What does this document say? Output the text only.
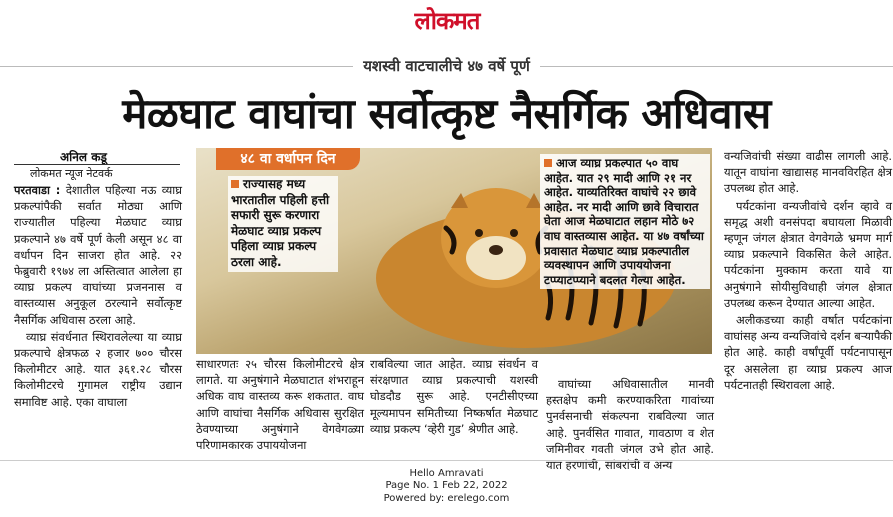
लोकमत
यशस्वी वाटचालीचे ४७ वर्षे पूर्ण
मेळघाट वाघांचा सर्वोत्कृष्ट नैसर्गिक अधिवास
अनिल कडू
लोकमत न्यूज नेटवर्क

परतवाडा : देशातील पहिल्या नऊ व्याघ्र प्रकल्पांपैकी सर्वात मोठ्या आणि राज्यातील पहिल्या मेळघाट व्याघ्र प्रकल्पाने ४७ वर्षे पूर्ण केली असून ४८ वा वर्धापन दिन साजरा होत आहे. २२ फेब्रुवारी १९७४ ला अस्तित्वात आलेला हा व्याघ्र प्रकल्प वाघांच्या प्रजननास व वास्तव्यास अनुकूल ठरल्याने सर्वोत्कृष्ट नैसर्गिक अधिवास ठरला आहे.

व्याघ्र संवर्धनात स्थिरावलेल्या या व्याघ्र प्रकल्पाचे क्षेत्रफळ २ हजार ७०० चौरस किलोमीटर आहे. यात ३६१.२८ चौरस किलोमीटरचे गुगामल राष्ट्रीय उद्यान समाविष्ट आहे. एका वाघाला

४८ वा वर्धापन दिन
राज्यासह मध्य भारतातील पहिली हत्ती सफारी सुरू करणारा मेळघाट व्याघ्र प्रकल्प पहिला व्याघ्र प्रकल्प ठरला आहे.
आज व्याघ्र प्रकल्पात ५० वाघ आहेत. यात २९ मादी आणि २१ नर आहेत. याव्यतिरिक्त वाघांचे २२ छावे आहेत. नर मादी आणि छावे विचारात घेता आज मेळघाटात लहान मोठे ७२ वाघ वास्तव्यास आहेत. या ४७ वर्षांच्या प्रवासात मेळघाट व्याघ्र प्रकल्पातील व्यवस्थापन आणि उपाययोजना टप्प्याटप्प्याने बदलत गेल्या आहेत.

साधारणतः २५ चौरस किलोमीटरचे क्षेत्र लागते. या अनुषंगाने मेळघाटात शंभराहून अधिक वाघ वास्तव्य करू शकतात. वाघ आणि वाघांचा नैसर्गिक अधिवास सुरक्षित ठेवण्याच्या अनुषंगाने वेगवेगळ्या परिणामकारक उपाययोजना

राबविल्या जात आहेत. व्याघ्र संवर्धन व संरक्षणात व्याघ्र प्रकल्पाची यशस्वी घोडदौड सुरू आहे. एनटीसीएच्या मूल्यमापन समितीच्या निष्कर्षात मेळघाट व्याघ्र प्रकल्प ‘व्हेरी गुड’ श्रेणीत आहे.

वाघांच्या अधिवासातील मानवी हस्तक्षेप कमी करण्याकरिता गावांच्या पुनर्वसनाची संकल्पना राबविल्या जात आहे. पुनर्वसित गावात, गावठाण व शेत जमिनीवर गवती जंगल उभे होत आहे. यात हरणांची, सांबरांची व अन्य

वन्यजिवांची संख्या वाढीस लागली आहे. यातून वाघांना खाद्यासह मानवविरहित क्षेत्र उपलब्ध होत आहे.

पर्यटकांना वन्यजीवांचे दर्शन व्हावे व समृद्ध अशी वनसंपदा बघायला मिळावी म्हणून जंगल क्षेत्रात वेगवेगळे भ्रमण मार्ग व्याघ्र प्रकल्पाने विकसित केले आहेत. पर्यटकांना मुक्काम करता यावे या अनुषंगाने सोयीसुविधाही जंगल क्षेत्रात उपलब्ध करून देण्यात आल्या आहेत.

अलीकडच्या काही वर्षात पर्यटकांना वाघांसह अन्य वन्यजिवांचे दर्शन बऱ्यापैकी होत आहे. काही वर्षांपूर्वी पर्यटनापासून दूर असलेला हा व्याघ्र प्रकल्प आज पर्यटनातही स्थिरावला आहे.

Hello Amravati
Page No. 1 Feb 22, 2022
Powered by: erelego.com
